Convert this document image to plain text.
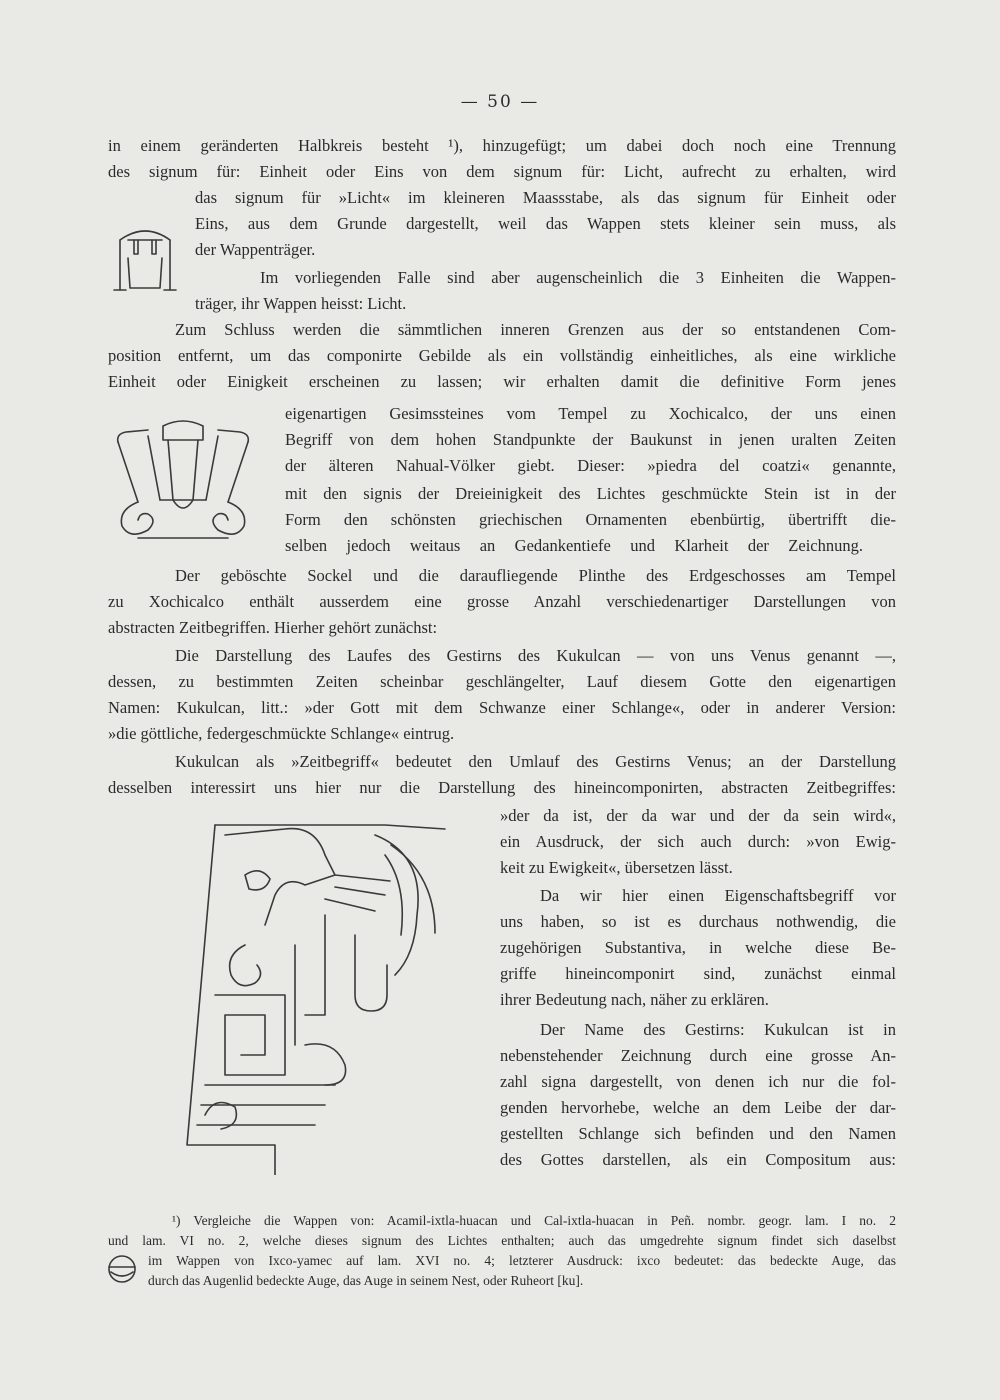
— 50 —
in einem geränderten Halbkreis besteht ¹), hinzugefügt; um dabei doch noch eine Trennung
des signum für: Einheit oder Eins von dem signum für: Licht, aufrecht zu erhalten, wird
das signum für »Licht« im kleineren Maassstabe, als das signum für Einheit oder
Eins, aus dem Grunde dargestellt, weil das Wappen stets kleiner sein muss, als
der Wappenträger.
Im vorliegenden Falle sind aber augenscheinlich die 3 Einheiten die Wappen-
träger, ihr Wappen heisst: Licht.
Zum Schluss werden die sämmtlichen inneren Grenzen aus der so entstandenen Com-
position entfernt, um das componirte Gebilde als ein vollständig einheitliches, als eine wirkliche
Einheit oder Einigkeit erscheinen zu lassen; wir erhalten damit die definitive Form jenes
eigenartigen Gesimssteines vom Tempel zu Xochicalco, der uns einen
Begriff von dem hohen Standpunkte der Baukunst in jenen uralten Zeiten
der älteren Nahual-Völker giebt. Dieser: »piedra del coatzi« genannte,
mit den signis der Dreieinigkeit des Lichtes geschmückte Stein ist in der
Form den schönsten griechischen Ornamenten ebenbürtig, übertrifft die-
selben jedoch weitaus an Gedankentiefe und Klarheit der Zeichnung.
Der geböschte Sockel und die daraufliegende Plinthe des Erdgeschosses am Tempel
zu Xochicalco enthält ausserdem eine grosse Anzahl verschiedenartiger Darstellungen von
abstracten Zeitbegriffen. Hierher gehört zunächst:
Die Darstellung des Laufes des Gestirns des Kukulcan — von uns Venus genannt —,
dessen, zu bestimmten Zeiten scheinbar geschlängelter, Lauf diesem Gotte den eigenartigen
Namen: Kukulcan, litt.: »der Gott mit dem Schwanze einer Schlange«, oder in anderer Version:
»die göttliche, federgeschmückte Schlange« eintrug.
Kukulcan als »Zeitbegriff« bedeutet den Umlauf des Gestirns Venus; an der Darstellung
desselben interessirt uns hier nur die Darstellung des hineincomponirten, abstracten Zeitbegriffes:
»der da ist, der da war und der da sein wird«,
ein Ausdruck, der sich auch durch: »von Ewig-
keit zu Ewigkeit«, übersetzen lässt.
Da wir hier einen Eigenschaftsbegriff vor
uns haben, so ist es durchaus nothwendig, die
zugehörigen Substantiva, in welche diese Be-
griffe hineincomponirt sind, zunächst einmal
ihrer Bedeutung nach, näher zu erklären.
Der Name des Gestirns: Kukulcan ist in
nebenstehender Zeichnung durch eine grosse An-
zahl signa dargestellt, von denen ich nur die fol-
genden hervorhebe, welche an dem Leibe der dar-
gestellten Schlange sich befinden und den Namen
des Gottes darstellen, als ein Compositum aus:
¹) Vergleiche die Wappen von: Acamil-ixtla-huacan und Cal-ixtla-huacan in Peñ. nombr. geogr. lam. I no. 2
und lam. VI no. 2, welche dieses signum des Lichtes enthalten; auch das umgedrehte signum findet sich daselbst
im Wappen von Ixco-yamec auf lam. XVI no. 4; letzterer Ausdruck: ixco bedeutet: das bedeckte Auge, das
durch das Augenlid bedeckte Auge, das Auge in seinem Nest, oder Ruheort [ku].
